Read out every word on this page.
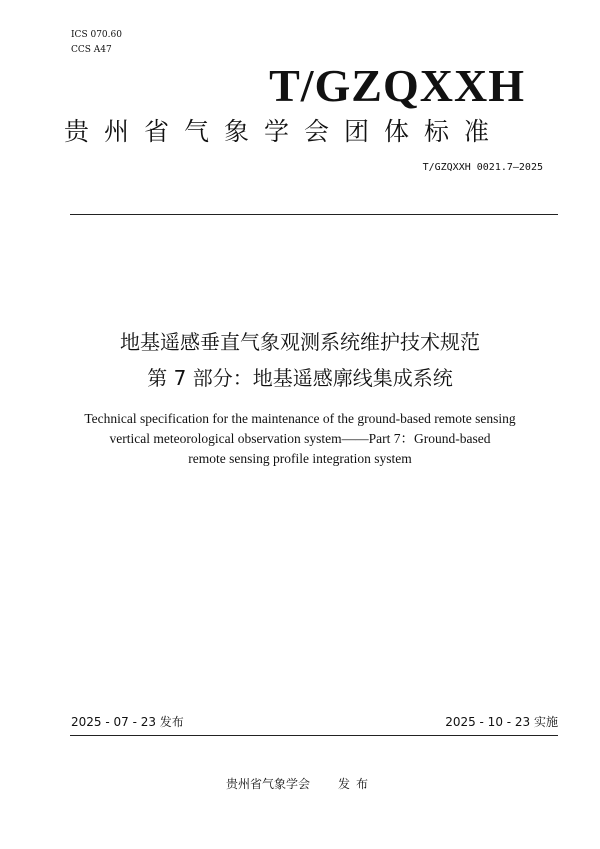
ICS 070.60
CCS A47
T/GZQXXH
贵州省气象学会团体标准
T/GZQXXH 0021.7—2025
地基遥感垂直气象观测系统维护技术规范
第 7 部分：地基遥感廓线集成系统
Technical specification for the maintenance of the ground-based remote sensing
vertical meteorological observation system——Part 7：Ground-based
remote sensing profile integration system
2025 - 07 - 23 发布	2025 - 10 - 23 实施
贵州省气象学会 发布
